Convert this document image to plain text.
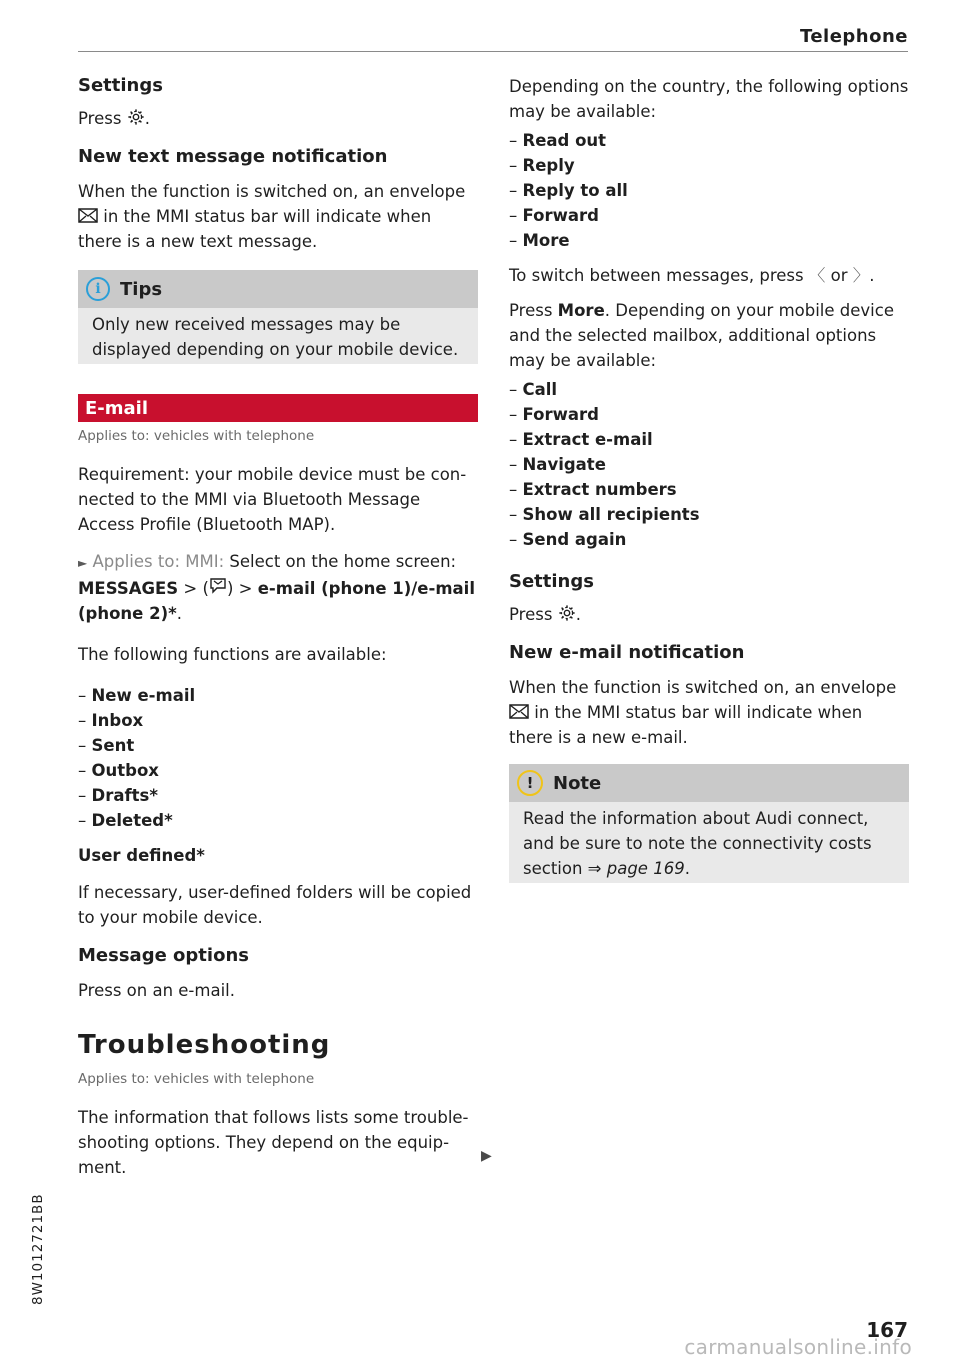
Telephone
Settings

Press .

New text message notification

When the function is switched on, an envelope  in the MMI status bar will indicate when there is a new text message.

i	Tips

Only new received messages may be displayed depending on your mobile device.

E-mail
Applies to: vehicles with telephone

Requirement: your mobile device must be con-nected to the MMI via Bluetooth Message Access Profile (Bluetooth MAP).

► Applies to: MMI: Select on the home screen: MESSAGES > ( ) > e-mail (phone 1)/e-mail (phone 2)*.

The following functions are available:

– New e-mail
– Inbox
– Sent
– Outbox
– Drafts*
– Deleted*

User defined*

If necessary, user-defined folders will be copied to your mobile device.

Message options

Press on an e-mail.

Troubleshooting
Applies to: vehicles with telephone

The information that follows lists some trouble-shooting options. They depend on the equip-ment.

Depending on the country, the following options may be available:

– Read out
– Reply
– Reply to all
– Forward
– More

To switch between messages, press 〈 or 〉.

Press More. Depending on your mobile device and the selected mailbox, additional options may be available:

– Call
– Forward
– Extract e-mail
– Navigate
– Extract numbers
– Show all recipients
– Send again
Settings

Press .

New e-mail notification

When the function is switched on, an envelope  in the MMI status bar will indicate when there is a new e-mail.

!	Note

Read the information about Audi connect, and be sure to note the connectivity costs section ⇒ page 169.

▶
8W1012721BB
167
carmanualsonline.info
